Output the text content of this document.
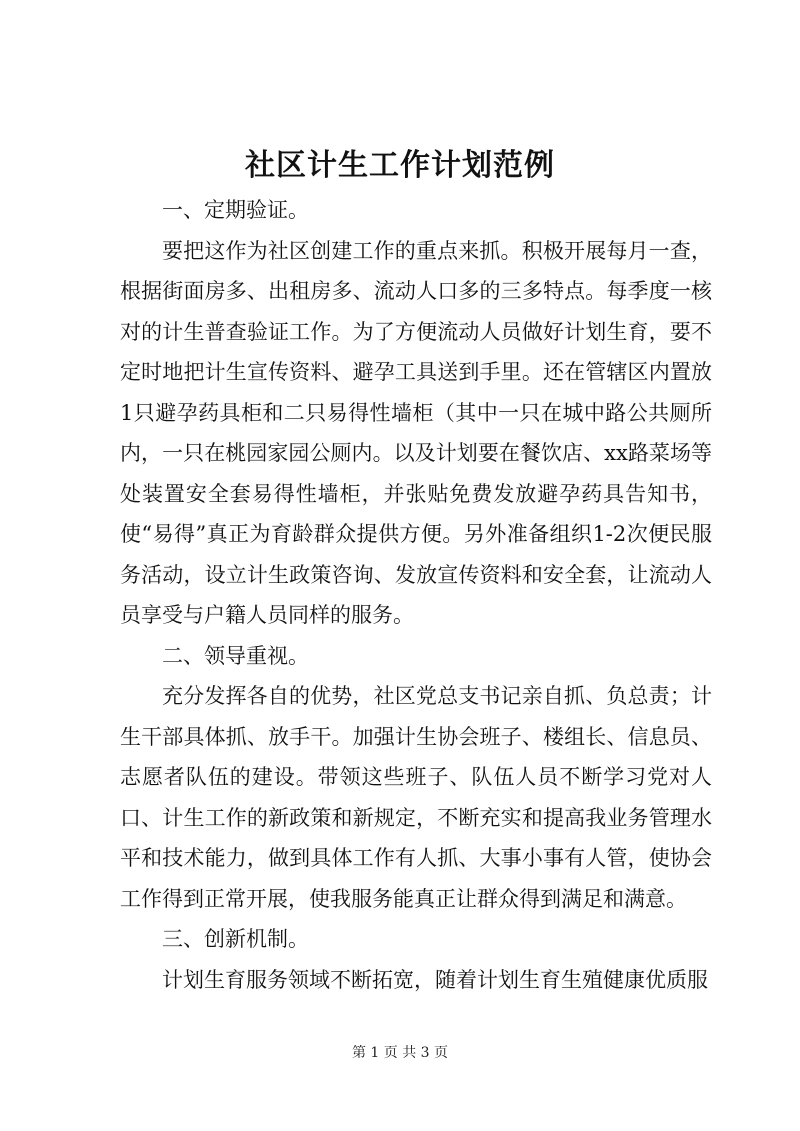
社区计生工作计划范例

一、定期验证。

要把这作为社区创建工作的重点来抓。积极开展每月一查，根据街面房多、出租房多、流动人口多的三多特点。每季度一核对的计生普查验证工作。为了方便流动人员做好计划生育，要不定时地把计生宣传资料、避孕工具送到手里。还在管辖区内置放1只避孕药具柜和二只易得性墙柜（其中一只在城中路公共厕所内，一只在桃园家园公厕内。以及计划要在餐饮店、xx路菜场等处装置安全套易得性墙柜，并张贴免费发放避孕药具告知书，使“易得”真正为育龄群众提供方便。另外准备组织1-2次便民服务活动，设立计生政策咨询、发放宣传资料和安全套，让流动人员享受与户籍人员同样的服务。

二、领导重视。

充分发挥各自的优势，社区党总支书记亲自抓、负总责；计生干部具体抓、放手干。加强计生协会班子、楼组长、信息员、志愿者队伍的建设。带领这些班子、队伍人员不断学习党对人口、计生工作的新政策和新规定，不断充实和提高我业务管理水平和技术能力，做到具体工作有人抓、大事小事有人管，使协会工作得到正常开展，使我服务能真正让群众得到满足和满意。

三、创新机制。

计划生育服务领域不断拓宽，随着计划生育生殖健康优质服

第 1 页 共 3 页
